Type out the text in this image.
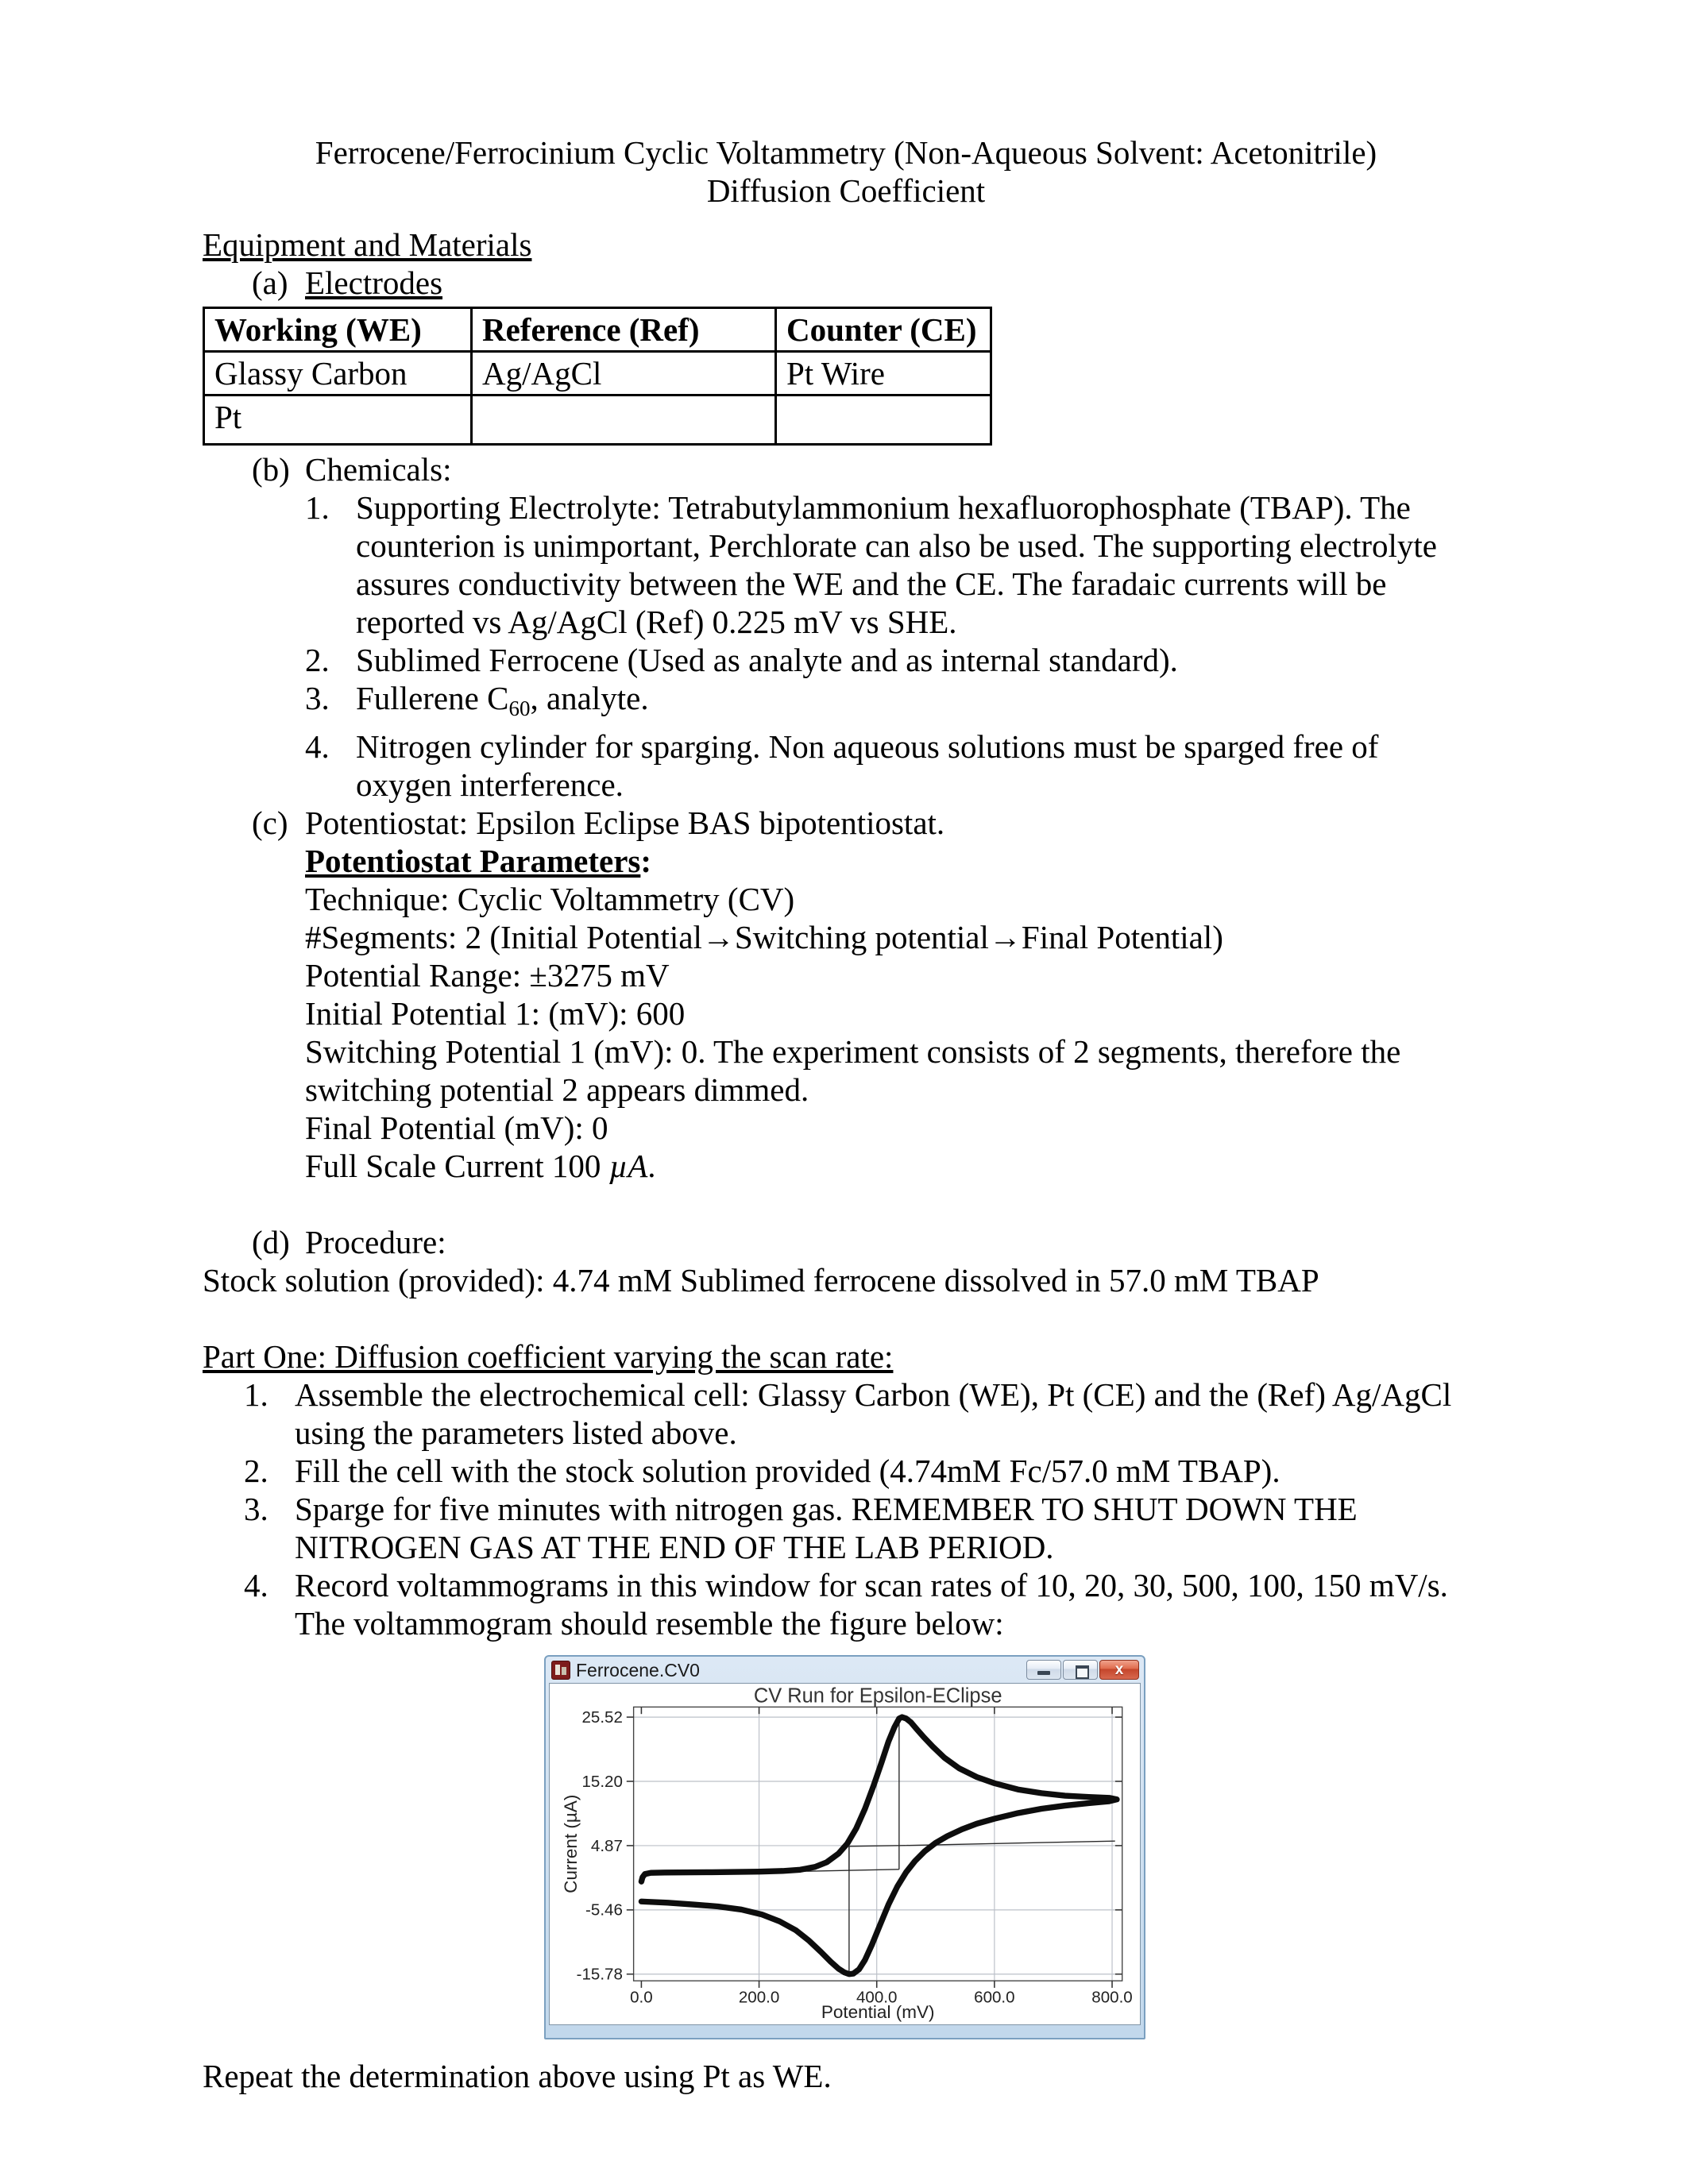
Ferrocene/Ferrocinium Cyclic Voltammetry (Non-Aqueous Solvent: Acetonitrile)
Diffusion Coefficient
Equipment and Materials
(a) Electrodes
Working (WE)	Reference (Ref)	Counter (CE)
Glassy Carbon	Ag/AgCl	Pt Wire
Pt		
(b) Chemicals:
1. Supporting Electrolyte: Tetrabutylammonium hexafluorophosphate (TBAP). The
counterion is unimportant, Perchlorate can also be used. The supporting electrolyte
assures conductivity between the WE and the CE. The faradaic currents will be
reported vs Ag/AgCl (Ref) 0.225 mV vs SHE.
2. Sublimed Ferrocene (Used as analyte and as internal standard).
3. Fullerene $C_{60}$, analyte.
4. Nitrogen cylinder for sparging. Non aqueous solutions must be sparged free of
oxygen interference.
(c) Potentiostat: Epsilon Eclipse BAS bipotentiostat.
Potentiostat Parameters:
Technique: Cyclic Voltammetry (CV)
#Segments: 2 (Initial Potential→Switching potential→Final Potential)
Potential Range: ±3275 mV
Initial Potential 1: (mV): 600
Switching Potential 1 (mV): 0. The experiment consists of 2 segments, therefore the
switching potential 2 appears dimmed.
Final Potential (mV): 0
Full Scale Current 100 µA.
(d) Procedure:
Stock solution (provided): 4.74 mM Sublimed ferrocene dissolved in 57.0 mM TBAP
Part One: Diffusion coefficient varying the scan rate:
1. Assemble the electrochemical cell: Glassy Carbon (WE), Pt (CE) and the (Ref) Ag/AgCl
using the parameters listed above.
2. Fill the cell with the stock solution provided (4.74mM Fc/57.0 mM TBAP).
3. Sparge for five minutes with nitrogen gas. REMEMBER TO SHUT DOWN THE
NITROGEN GAS AT THE END OF THE LAB PERIOD.
4. Record voltammograms in this window for scan rates of 10, 20, 30, 500, 100, 150 mV/s.
The voltammogram should resemble the figure below:
Ferrocene.CV0	x
CV Run for Epsilon-EClipse
25.52
15.20
4.87
-5.46
-15.78
0.0	200.0	400.0	600.0	800.0
Potential (mV)
Current (µA)
Repeat the determination above using Pt as WE.
